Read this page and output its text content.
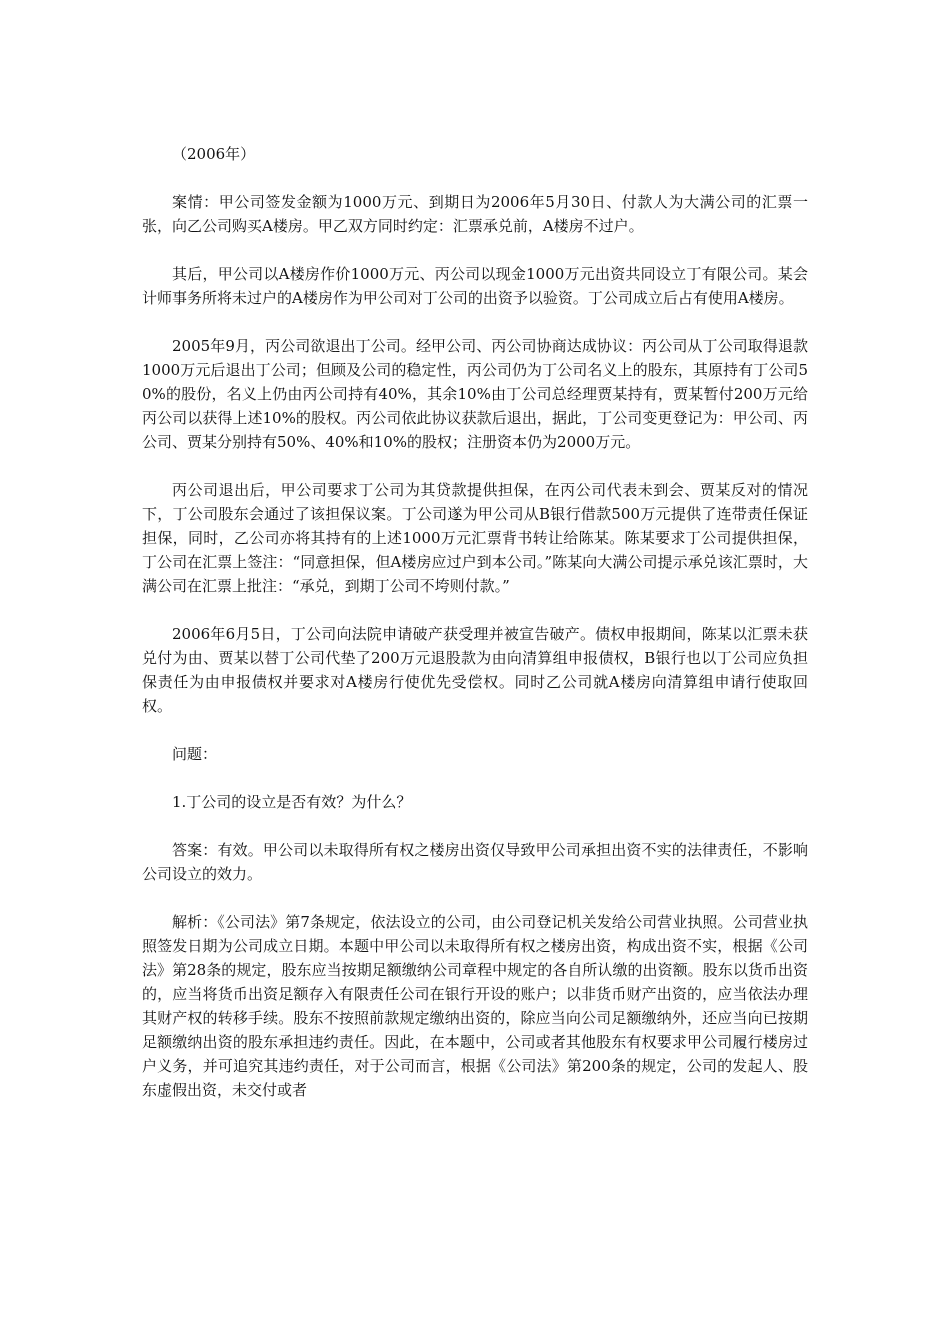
（2006年）

案情：甲公司签发金额为1000万元、到期日为2006年5月30日、付款人为大满公司的汇票一张，向乙公司购买A楼房。甲乙双方同时约定：汇票承兑前，A楼房不过户。

其后，甲公司以A楼房作价1000万元、丙公司以现金1000万元出资共同设立丁有限公司。某会计师事务所将未过户的A楼房作为甲公司对丁公司的出资予以验资。丁公司成立后占有使用A楼房。

2005年9月，丙公司欲退出丁公司。经甲公司、丙公司协商达成协议：丙公司从丁公司取得退款1000万元后退出丁公司；但顾及公司的稳定性，丙公司仍为丁公司名义上的股东，其原持有丁公司50%的股份，名义上仍由丙公司持有40%，其余10%由丁公司总经理贾某持有，贾某暂付200万元给丙公司以获得上述10%的股权。丙公司依此协议获款后退出，据此，丁公司变更登记为：甲公司、丙公司、贾某分别持有50%、40%和10%的股权；注册资本仍为2000万元。

丙公司退出后，甲公司要求丁公司为其贷款提供担保，在丙公司代表未到会、贾某反对的情况下，丁公司股东会通过了该担保议案。丁公司遂为甲公司从B银行借款500万元提供了连带责任保证担保，同时，乙公司亦将其持有的上述1000万元汇票背书转让给陈某。陈某要求丁公司提供担保，丁公司在汇票上签注：“同意担保，但A楼房应过户到本公司。”陈某向大满公司提示承兑该汇票时，大满公司在汇票上批注：“承兑，到期丁公司不垮则付款。”

2006年6月5日，丁公司向法院申请破产获受理并被宣告破产。债权申报期间，陈某以汇票未获兑付为由、贾某以替丁公司代垫了200万元退股款为由向清算组申报债权，B银行也以丁公司应负担保责任为由申报债权并要求对A楼房行使优先受偿权。同时乙公司就A楼房向清算组申请行使取回权。

问题：

1.丁公司的设立是否有效？为什么？

答案：有效。甲公司以未取得所有权之楼房出资仅导致甲公司承担出资不实的法律责任，不影响公司设立的效力。

解析：《公司法》第7条规定，依法设立的公司，由公司登记机关发给公司营业执照。公司营业执照签发日期为公司成立日期。本题中甲公司以未取得所有权之楼房出资，构成出资不实，根据《公司法》第28条的规定，股东应当按期足额缴纳公司章程中规定的各自所认缴的出资额。股东以货币出资的，应当将货币出资足额存入有限责任公司在银行开设的账户；以非货币财产出资的，应当依法办理其财产权的转移手续。股东不按照前款规定缴纳出资的，除应当向公司足额缴纳外，还应当向已按期足额缴纳出资的股东承担违约责任。因此，在本题中，公司或者其他股东有权要求甲公司履行楼房过户义务，并可追究其违约责任，对于公司而言，根据《公司法》第200条的规定，公司的发起人、股东虚假出资，未交付或者
